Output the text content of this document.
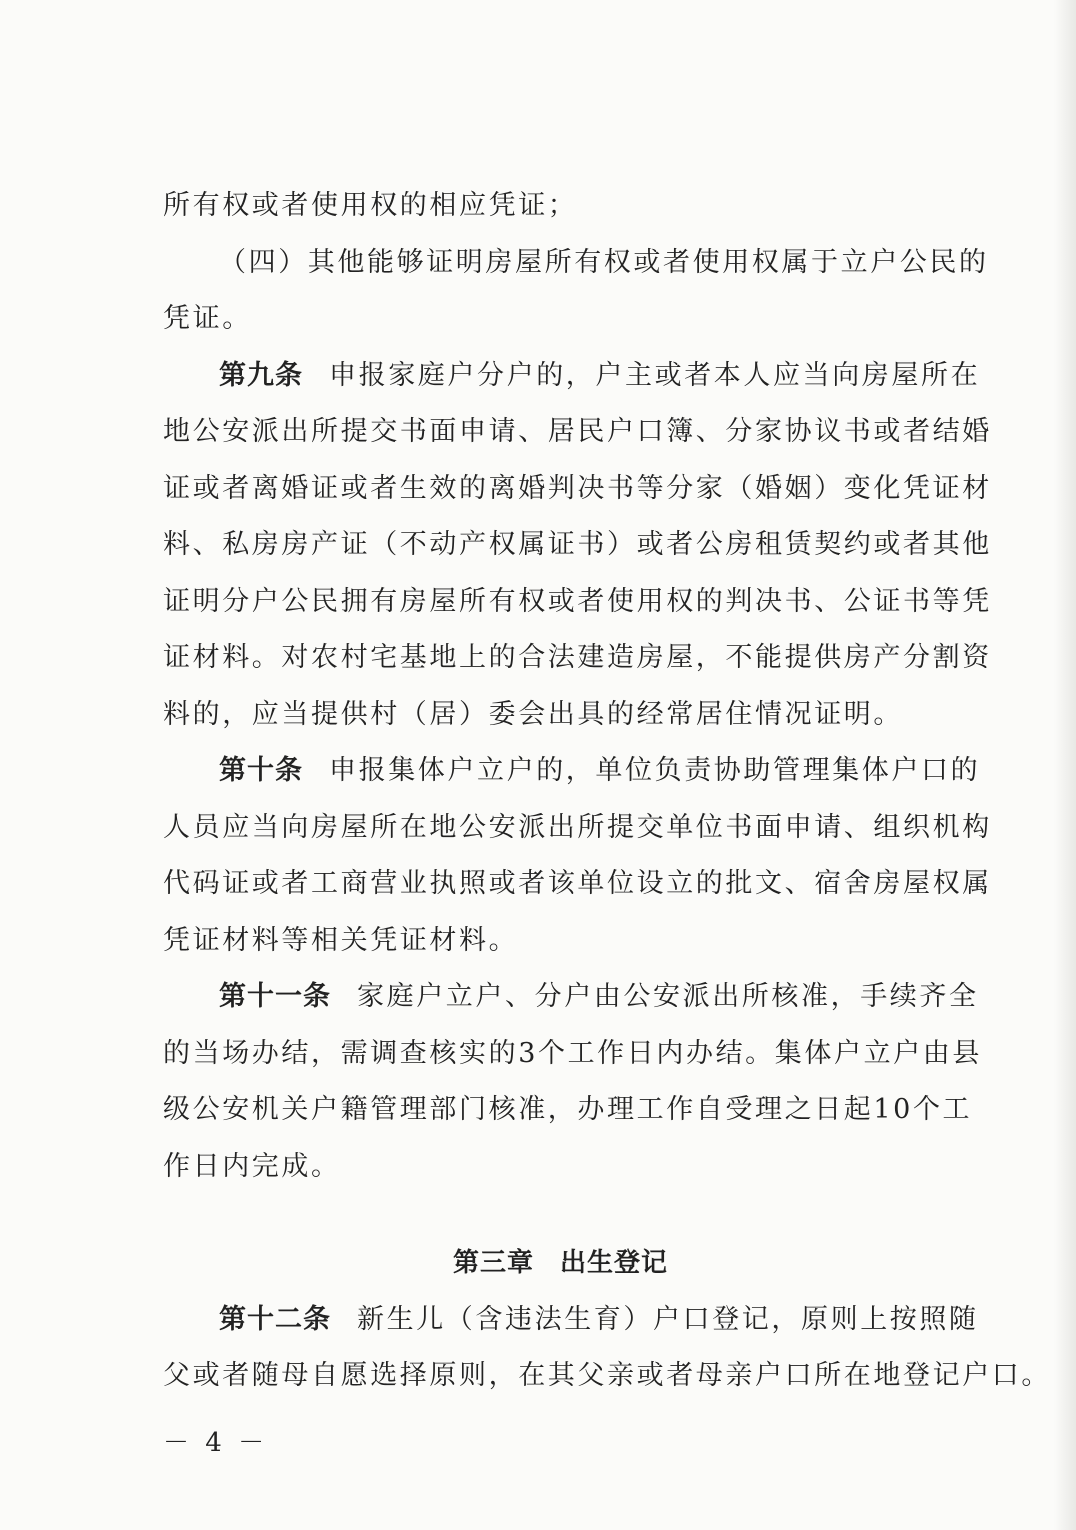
所有权或者使用权的相应凭证；
（四）其他能够证明房屋所有权或者使用权属于立户公民的
凭证。
第九条 申报家庭户分户的，户主或者本人应当向房屋所在
地公安派出所提交书面申请、居民户口簿、分家协议书或者结婚
证或者离婚证或者生效的离婚判决书等分家（婚姻）变化凭证材
料、私房房产证（不动产权属证书）或者公房租赁契约或者其他
证明分户公民拥有房屋所有权或者使用权的判决书、公证书等凭
证材料。对农村宅基地上的合法建造房屋，不能提供房产分割资
料的，应当提供村（居）委会出具的经常居住情况证明。
第十条 申报集体户立户的，单位负责协助管理集体户口的
人员应当向房屋所在地公安派出所提交单位书面申请、组织机构
代码证或者工商营业执照或者该单位设立的批文、宿舍房屋权属
凭证材料等相关凭证材料。
第十一条 家庭户立户、分户由公安派出所核准，手续齐全
的当场办结，需调查核实的3个工作日内办结。集体户立户由县
级公安机关户籍管理部门核准，办理工作自受理之日起10个工
作日内完成。
第三章 出生登记
第十二条 新生儿（含违法生育）户口登记，原则上按照随
父或者随母自愿选择原则，在其父亲或者母亲户口所在地登记户口。
－ 4 －
